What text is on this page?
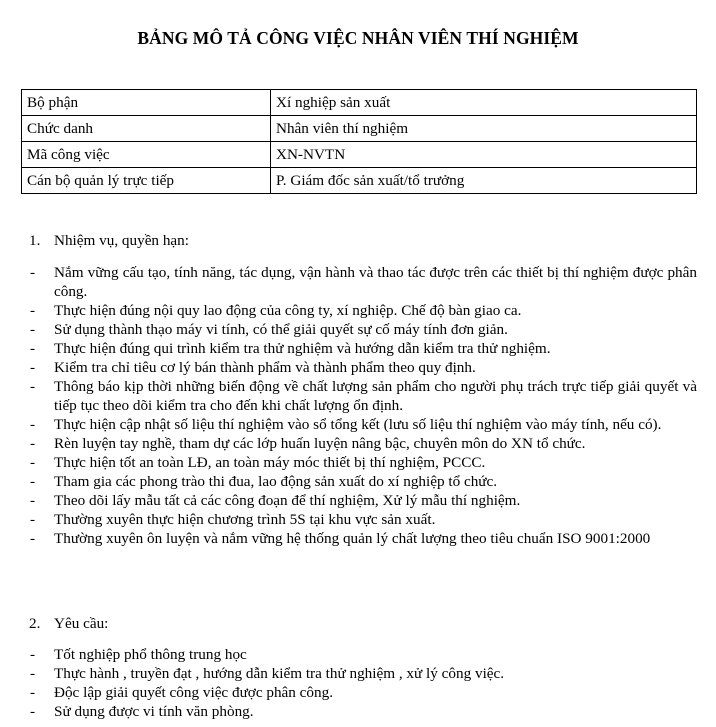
BẢNG MÔ TẢ CÔNG VIỆC NHÂN VIÊN THÍ NGHIỆM
Bộ phận	Xí nghiệp sản xuất
Chức danh	Nhân viên thí nghiệm
Mã công việc	XN-NVTN
Cán bộ quản lý trực tiếp	P. Giám đốc sản xuất/tổ trưởng
1. Nhiệm vụ, quyền hạn:
- Nắm vững cấu tạo, tính năng, tác dụng, vận hành và thao tác được trên các thiết bị thí nghiệm được phân công.
- Thực hiện đúng nội quy lao động của công ty, xí nghiệp. Chế độ bàn giao ca.
- Sử dụng thành thạo máy vi tính, có thể giải quyết sự cố máy tính đơn giản.
- Thực hiện đúng qui trình kiểm tra thử nghiệm và hướng dẫn kiểm tra thử nghiệm.
- Kiểm tra chỉ tiêu cơ lý bán thành phẩm và thành phẩm theo quy định.
- Thông báo kịp thời những biến động về chất lượng sản phẩm cho người phụ trách trực tiếp giải quyết và tiếp tục theo dõi kiểm tra cho đến khi chất lượng ổn định.
- Thực hiện cập nhật số liệu thí nghiệm vào sổ tổng kết (lưu số liệu thí nghiệm vào máy tính, nếu có).
- Rèn luyện tay nghề, tham dự các lớp huấn luyện nâng bậc, chuyên môn do XN tổ chức.
- Thực hiện tốt an toàn LĐ, an toàn máy móc thiết bị thí nghiệm, PCCC.
- Tham gia các phong trào thi đua, lao động sản xuất do xí nghiệp tổ chức.
- Theo dõi lấy mẫu tất cả các công đoạn để thí nghiệm, Xử lý mẫu thí nghiệm.
- Thường xuyên thực hiện chương trình 5S tại khu vực sản xuất.
- Thường xuyên ôn luyện và nắm vững hệ thống quản lý chất lượng theo tiêu chuẩn ISO 9001:2000
2. Yêu cầu:
- Tốt nghiệp phổ thông trung học
- Thực hành , truyền đạt , hướng dẫn kiểm tra thử nghiệm , xử lý công việc.
- Độc lập giải quyết công việc được phân công.
- Sử dụng được vi tính văn phòng.
